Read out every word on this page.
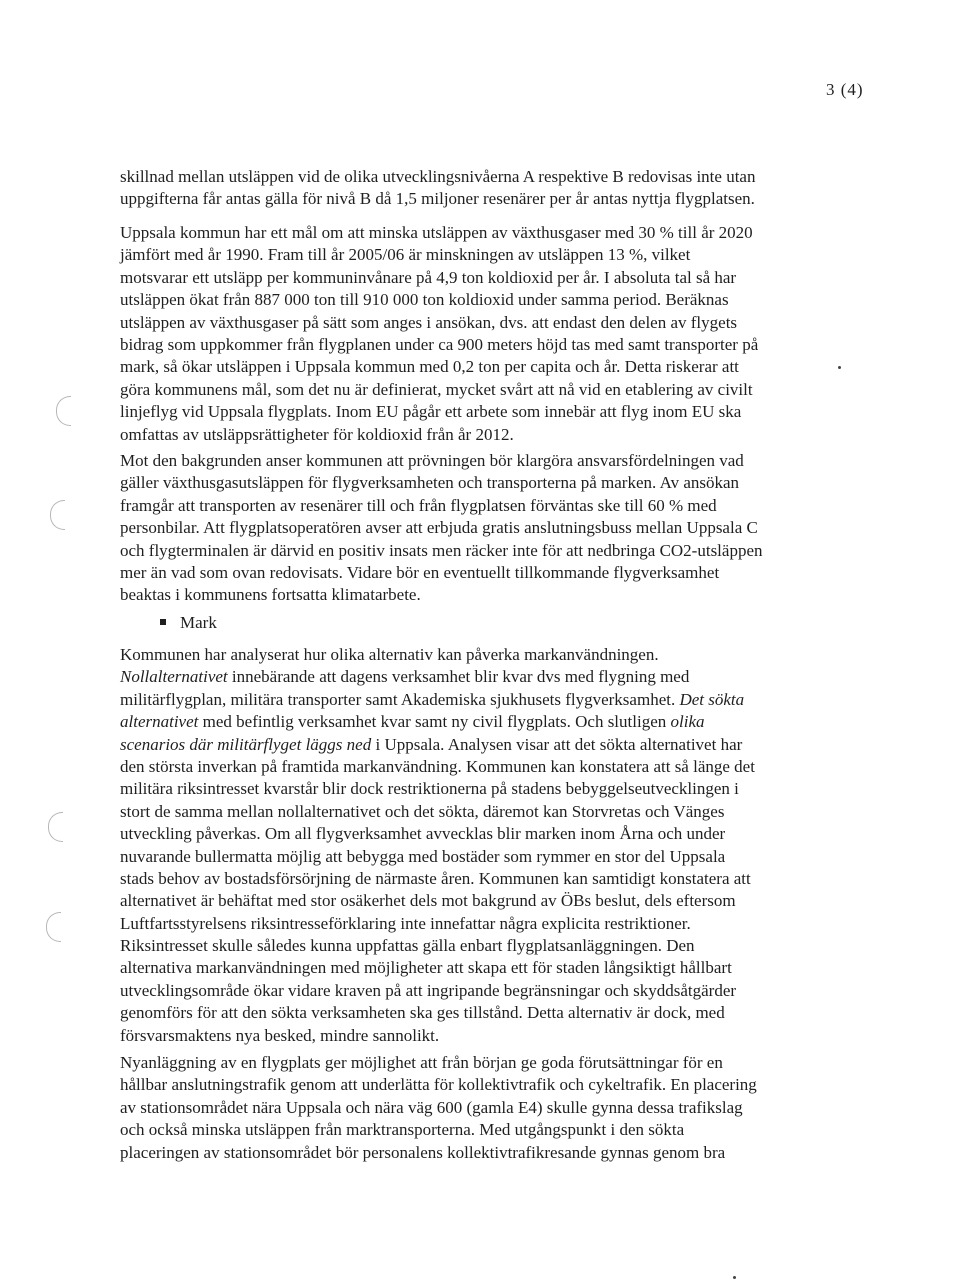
3 (4)
skillnad mellan utsläppen vid de olika utvecklingsnivåerna A respektive B redovisas inte utan
uppgifterna får antas gälla för nivå B då 1,5 miljoner resenärer per år antas nyttja flygplatsen.
Uppsala kommun har ett mål om att minska utsläppen av växthusgaser med 30 % till år 2020
jämfört med år 1990. Fram till år 2005/06 är minskningen av utsläppen 13 %, vilket
motsvarar ett utsläpp per kommuninvånare på 4,9 ton koldioxid per år. I absoluta tal så har
utsläppen ökat från 887 000 ton till 910 000 ton koldioxid under samma period. Beräknas
utsläppen av växthusgaser på sätt som anges i ansökan, dvs. att endast den delen av flygets
bidrag som uppkommer från flygplanen under ca 900 meters höjd tas med samt transporter på
mark, så ökar utsläppen i Uppsala kommun med 0,2 ton per capita och år. Detta riskerar att
göra kommunens mål, som det nu är definierat, mycket svårt att nå vid en etablering av civilt
linjeflyg vid Uppsala flygplats. Inom EU pågår ett arbete som innebär att flyg inom EU ska
omfattas av utsläppsrättigheter för koldioxid från år 2012.
Mot den bakgrunden anser kommunen att prövningen bör klargöra ansvarsfördelningen vad
gäller växthusgasutsläppen för flygverksamheten och transporterna på marken. Av ansökan
framgår att transporten av resenärer till och från flygplatsen förväntas ske till 60 % med
personbilar. Att flygplatsoperatören avser att erbjuda gratis anslutningsbuss mellan Uppsala C
och flygterminalen är därvid en positiv insats men räcker inte för att nedbringa CO2-utsläppen
mer än vad som ovan redovisats. Vidare bör en eventuellt tillkommande flygverksamhet
beaktas i kommunens fortsatta klimatarbete.
Mark
Kommunen har analyserat hur olika alternativ kan påverka markanvändningen.
Nollalternativet innebärande att dagens verksamhet blir kvar dvs med flygning med
militärflygplan, militära transporter samt Akademiska sjukhusets flygverksamhet. Det sökta
alternativet med befintlig verksamhet kvar samt ny civil flygplats. Och slutligen olika
scenarios där militärflyget läggs ned i Uppsala. Analysen visar att det sökta alternativet har
den största inverkan på framtida markanvändning. Kommunen kan konstatera att så länge det
militära riksintresset kvarstår blir dock restriktionerna på stadens bebyggelseutvecklingen i
stort de samma mellan nollalternativet och det sökta, däremot kan Storvretas och Vänges
utveckling påverkas. Om all flygverksamhet avvecklas blir marken inom Årna och under
nuvarande bullermatta möjlig att bebygga med bostäder som rymmer en stor del Uppsala
stads behov av bostadsförsörjning de närmaste åren. Kommunen kan samtidigt konstatera att
alternativet är behäftat med stor osäkerhet dels mot bakgrund av ÖBs beslut, dels eftersom
Luftfartsstyrelsens riksintresseförklaring inte innefattar några explicita restriktioner.
Riksintresset skulle således kunna uppfattas gälla enbart flygplatsanläggningen. Den
alternativa markanvändningen med möjligheter att skapa ett för staden långsiktigt hållbart
utvecklingsområde ökar vidare kraven på att ingripande begränsningar och skyddsåtgärder
genomförs för att den sökta verksamheten ska ges tillstånd. Detta alternativ är dock, med
försvarsmaktens nya besked, mindre sannolikt.
Nyanläggning av en flygplats ger möjlighet att från början ge goda förutsättningar för en
hållbar anslutningstrafik genom att underlätta för kollektivtrafik och cykeltrafik. En placering
av stationsområdet nära Uppsala och nära väg 600 (gamla E4) skulle gynna dessa trafikslag
och också minska utsläppen från marktransporterna. Med utgångspunkt i den sökta
placeringen av stationsområdet bör personalens kollektivtrafikresande gynnas genom bra
